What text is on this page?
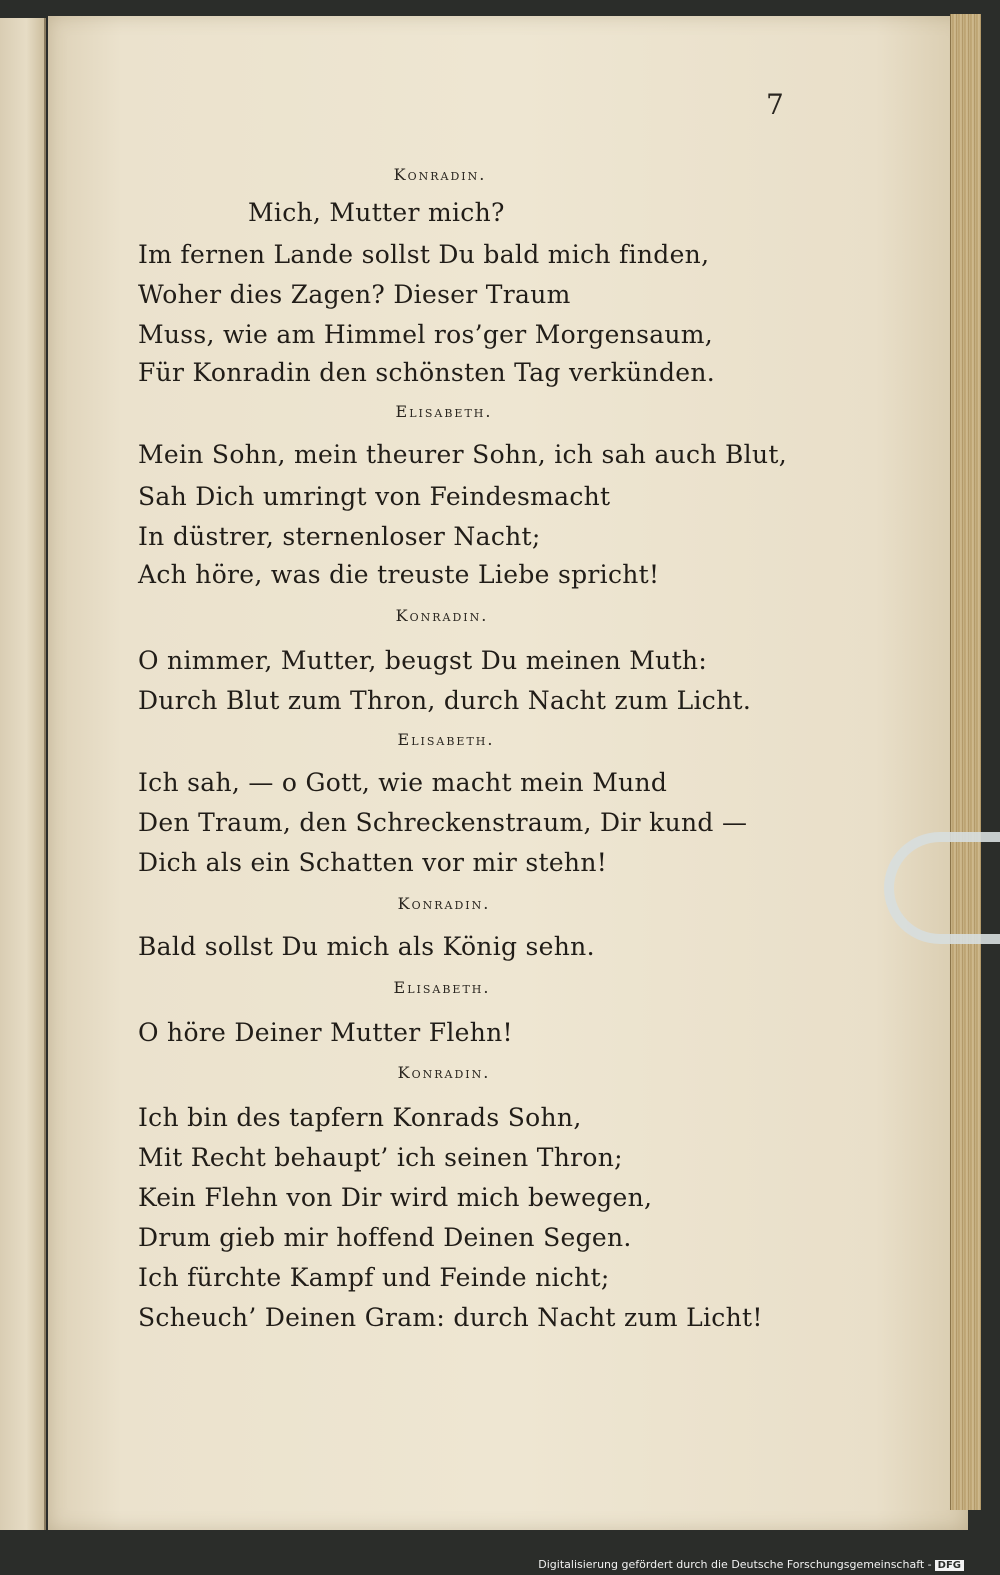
7
Konradin.
Mich, Mutter mich?
Im fernen Lande sollst Du bald mich finden,
Woher dies Zagen? Dieser Traum
Muss, wie am Himmel ros’ger Morgensaum,
Für Konradin den schönsten Tag verkünden.
Elisabeth.
Mein Sohn, mein theurer Sohn, ich sah auch Blut,
Sah Dich umringt von Feindesmacht
In düstrer, sternenloser Nacht;
Ach höre, was die treuste Liebe spricht!
Konradin.
O nimmer, Mutter, beugst Du meinen Muth:
Durch Blut zum Thron, durch Nacht zum Licht.
Elisabeth.
Ich sah, — o Gott, wie macht mein Mund
Den Traum, den Schreckenstraum, Dir kund —
Dich als ein Schatten vor mir stehn!
Konradin.
Bald sollst Du mich als König sehn.
Elisabeth.
O höre Deiner Mutter Flehn!
Konradin.
Ich bin des tapfern Konrads Sohn,
Mit Recht behaupt’ ich seinen Thron;
Kein Flehn von Dir wird mich bewegen,
Drum gieb mir hoffend Deinen Segen.
Ich fürchte Kampf und Feinde nicht;
Scheuch’ Deinen Gram: durch Nacht zum Licht!
Digitalisierung gefördert durch die Deutsche Forschungsgemeinschaft - DFG
